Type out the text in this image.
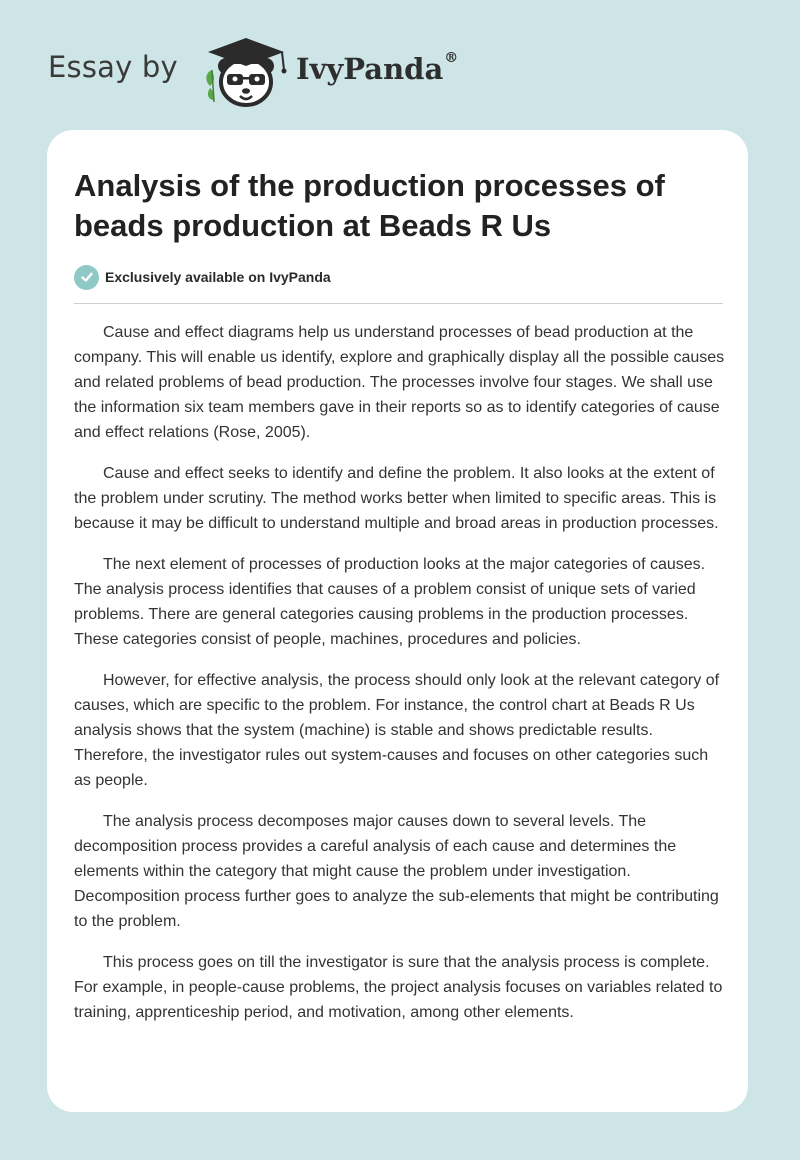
Essay by	IvyPanda®
Analysis of the production processes of beads production at Beads R Us
Exclusively available on IvyPanda

Cause and effect diagrams help us understand processes of bead production at the company. This will enable us identify, explore and graphically display all the possible causes and related problems of bead production. The processes involve four stages. We shall use the information six team members gave in their reports so as to identify categories of cause and effect relations (Rose, 2005).

Cause and effect seeks to identify and define the problem. It also looks at the extent of the problem under scrutiny. The method works better when limited to specific areas. This is because it may be difficult to understand multiple and broad areas in production processes.

The next element of processes of production looks at the major categories of causes. The analysis process identifies that causes of a problem consist of unique sets of varied problems. There are general categories causing problems in the production processes. These categories consist of people, machines, procedures and policies.

However, for effective analysis, the process should only look at the relevant category of causes, which are specific to the problem. For instance, the control chart at Beads R Us analysis shows that the system (machine) is stable and shows predictable results. Therefore, the investigator rules out system-causes and focuses on other categories such as people.

The analysis process decomposes major causes down to several levels. The decomposition process provides a careful analysis of each cause and determines the elements within the category that might cause the problem under investigation. Decomposition process further goes to analyze the sub-elements that might be contributing to the problem.

This process goes on till the investigator is sure that the analysis process is complete. For example, in people-cause problems, the project analysis focuses on variables related to training, apprenticeship period, and motivation, among other elements.
